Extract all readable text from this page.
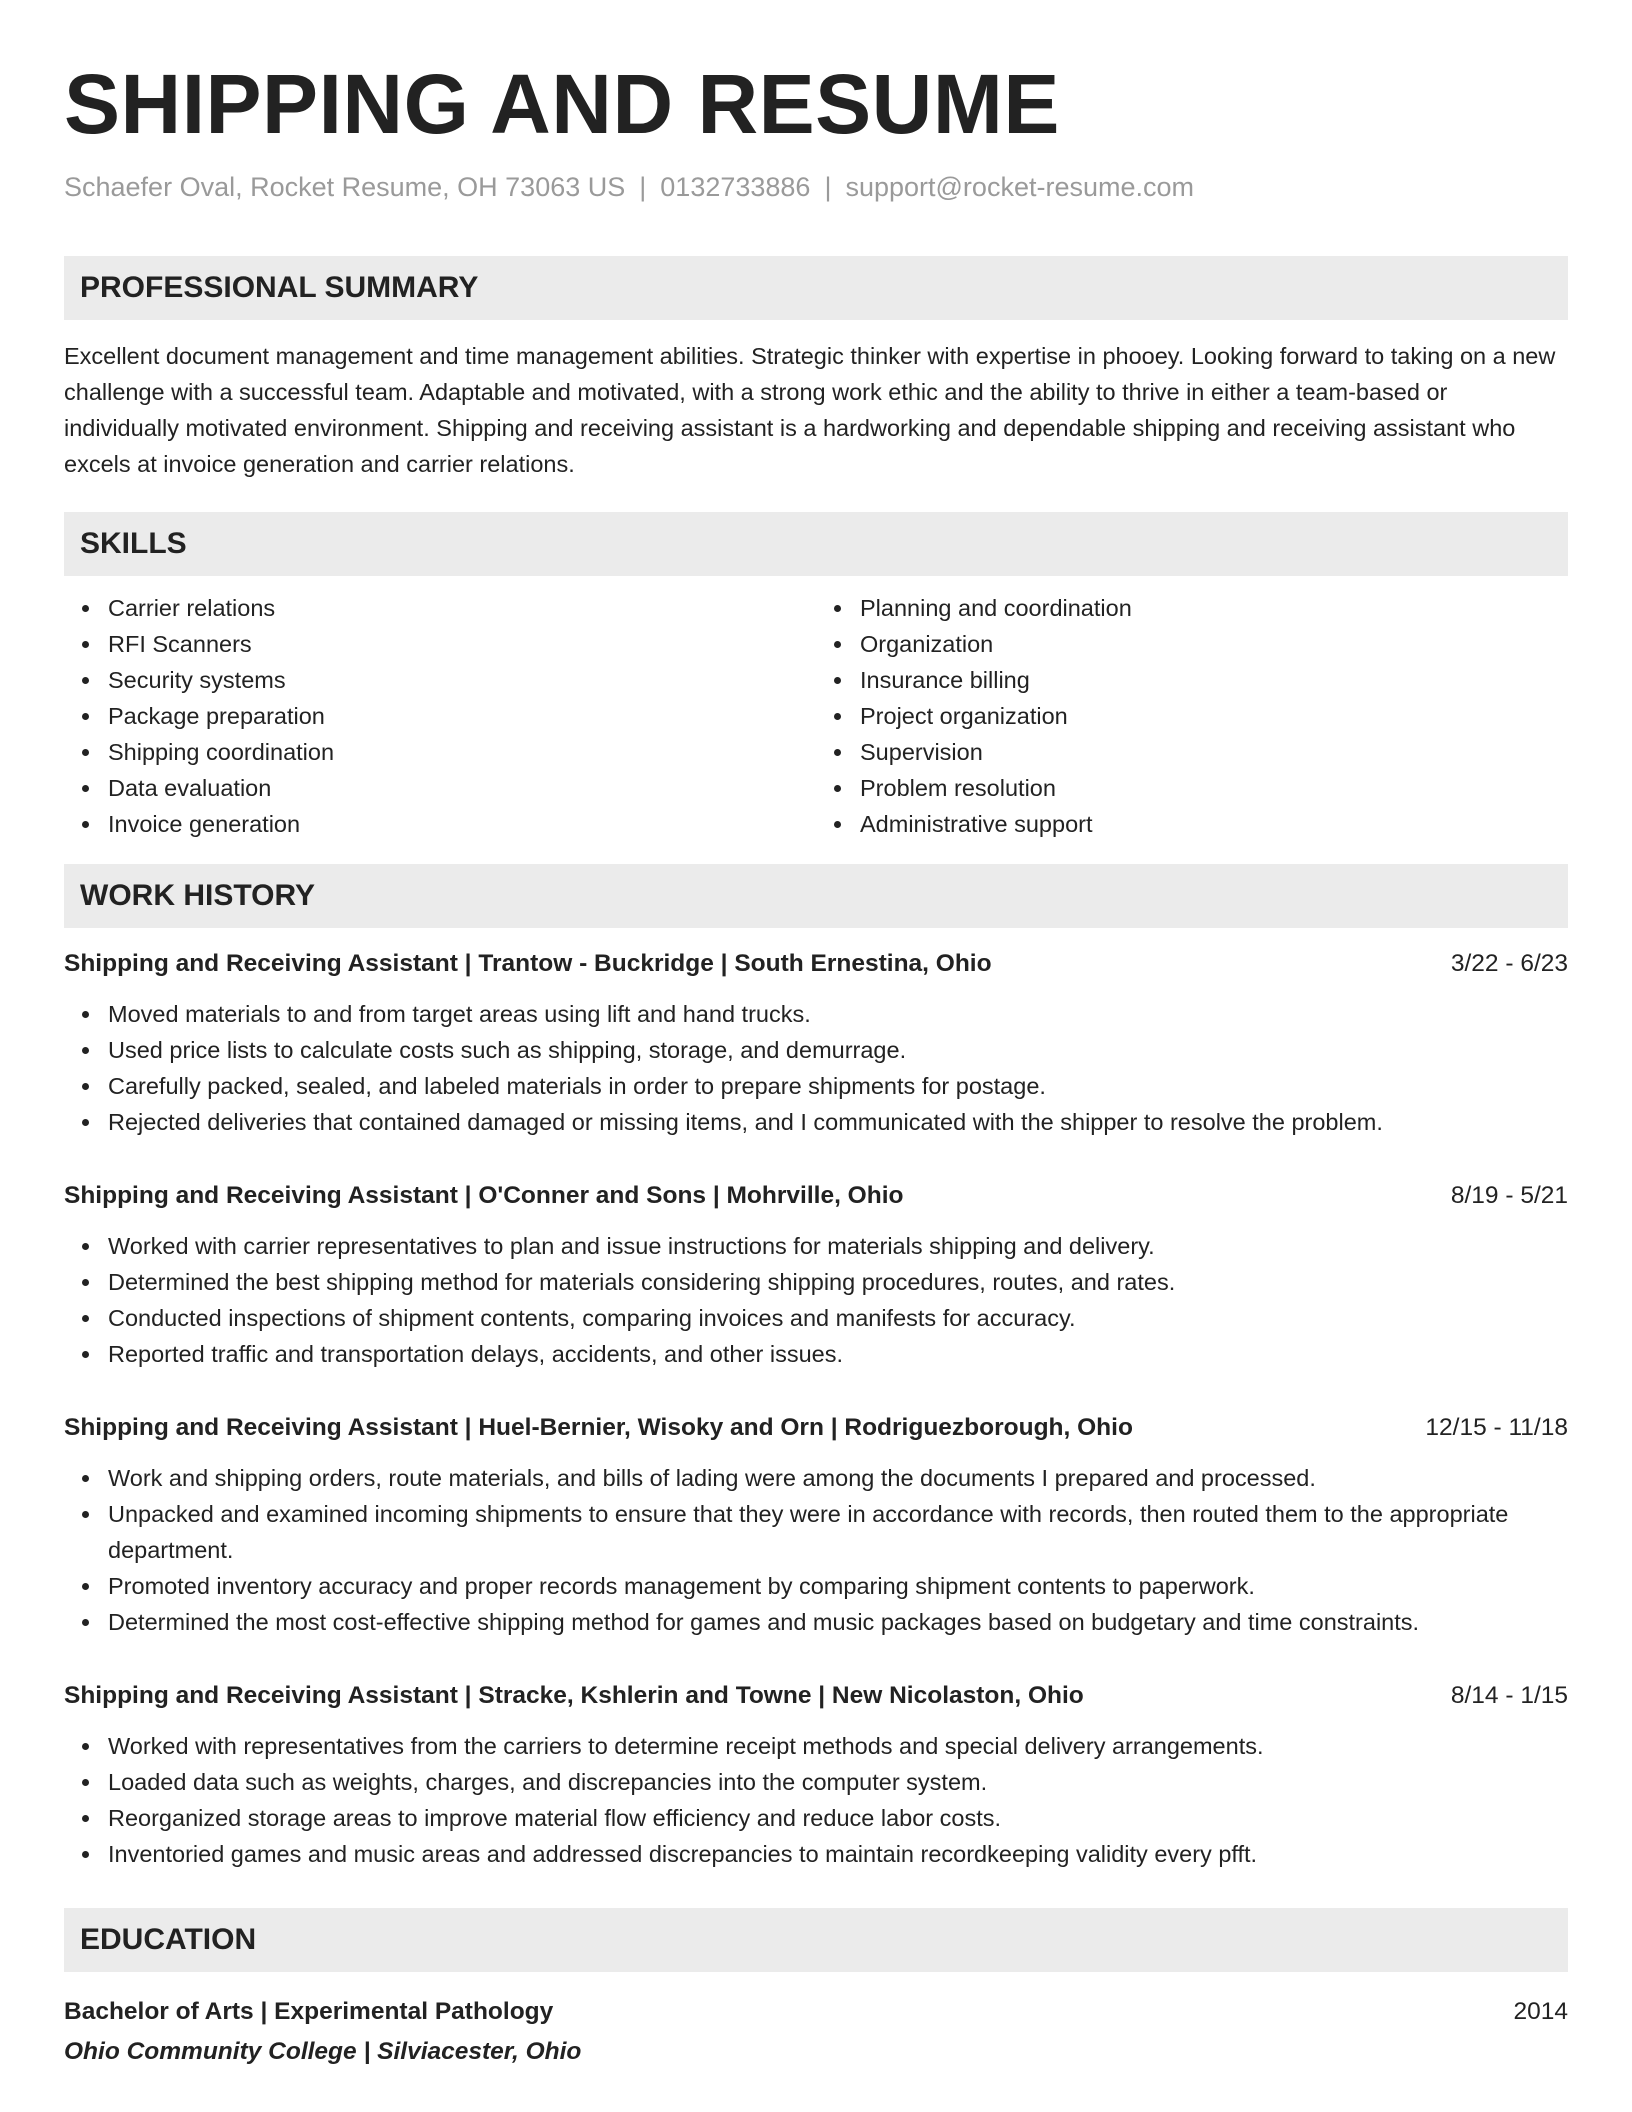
SHIPPING AND RESUME
Schaefer Oval, Rocket Resume, OH 73063 US | 0132733886 | support@rocket-resume.com
PROFESSIONAL SUMMARY

Excellent document management and time management abilities. Strategic thinker with expertise in phooey. Looking forward to taking on a new challenge with a successful team. Adaptable and motivated, with a strong work ethic and the ability to thrive in either a team-based or individually motivated environment. Shipping and receiving assistant is a hardworking and dependable shipping and receiving assistant who excels at invoice generation and carrier relations.

SKILLS
Carrier relations
RFI Scanners
Security systems
Package preparation
Shipping coordination
Data evaluation
Invoice generation
Planning and coordination
Organization
Insurance billing
Project organization
Supervision
Problem resolution
Administrative support
WORK HISTORY
Shipping and Receiving Assistant | Trantow - Buckridge | South Ernestina, Ohio	3/22 - 6/23
Moved materials to and from target areas using lift and hand trucks.
Used price lists to calculate costs such as shipping, storage, and demurrage.
Carefully packed, sealed, and labeled materials in order to prepare shipments for postage.
Rejected deliveries that contained damaged or missing items, and I communicated with the shipper to resolve the problem.
Shipping and Receiving Assistant | O'Conner and Sons | Mohrville, Ohio	8/19 - 5/21
Worked with carrier representatives to plan and issue instructions for materials shipping and delivery.
Determined the best shipping method for materials considering shipping procedures, routes, and rates.
Conducted inspections of shipment contents, comparing invoices and manifests for accuracy.
Reported traffic and transportation delays, accidents, and other issues.
Shipping and Receiving Assistant | Huel-Bernier, Wisoky and Orn | Rodriguezborough, Ohio	12/15 - 11/18
Work and shipping orders, route materials, and bills of lading were among the documents I prepared and processed.
Unpacked and examined incoming shipments to ensure that they were in accordance with records, then routed them to the appropriate department.
Promoted inventory accuracy and proper records management by comparing shipment contents to paperwork.
Determined the most cost-effective shipping method for games and music packages based on budgetary and time constraints.
Shipping and Receiving Assistant | Stracke, Kshlerin and Towne | New Nicolaston, Ohio	8/14 - 1/15
Worked with representatives from the carriers to determine receipt methods and special delivery arrangements.
Loaded data such as weights, charges, and discrepancies into the computer system.
Reorganized storage areas to improve material flow efficiency and reduce labor costs.
Inventoried games and music areas and addressed discrepancies to maintain recordkeeping validity every pfft.
EDUCATION
Bachelor of Arts | Experimental Pathology	2014
Ohio Community College | Silviacester, Ohio
